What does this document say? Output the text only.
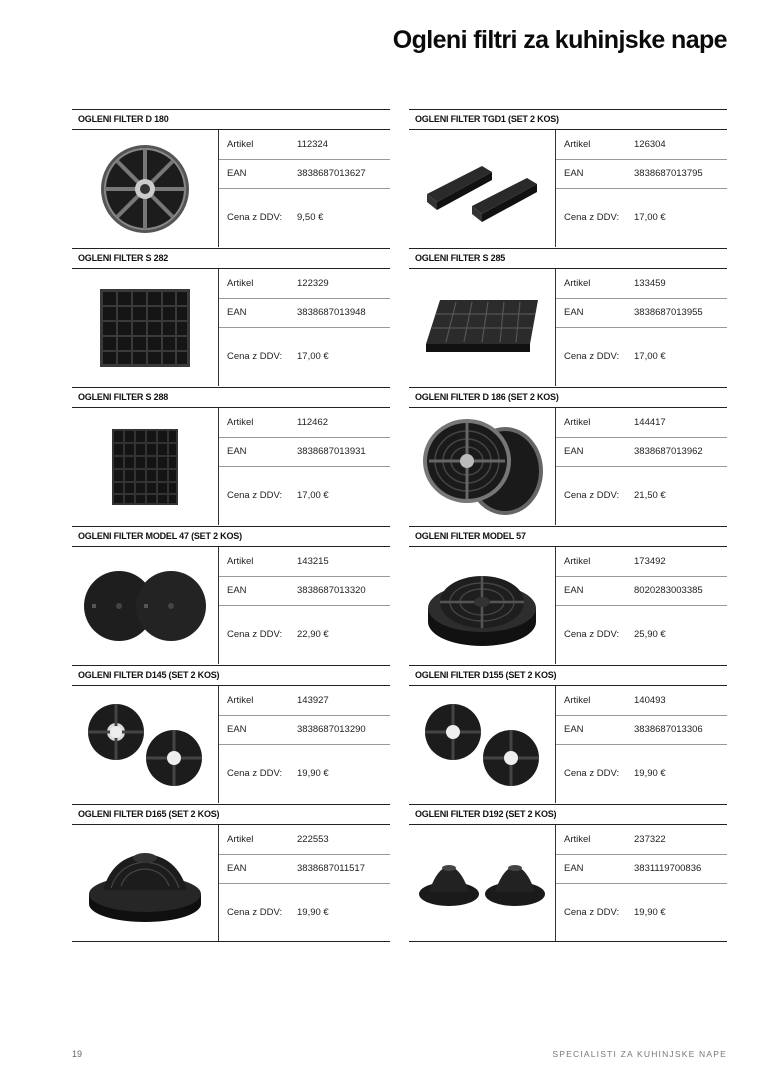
Ogleni filtri za kuhinjske nape
OGLENI FILTER D 180
Artikel	112324
EAN	3838687013627
Cena z DDV: 9,50 €
OGLENI FILTER TGD1 (SET 2 KOS)
Artikel	126304
EAN	3838687013795
Cena z DDV: 17,00 €
OGLENI FILTER S 282
Artikel	122329
EAN	3838687013948
Cena z DDV: 17,00 €
OGLENI FILTER S 285
Artikel	133459
EAN	3838687013955
Cena z DDV: 17,00 €
OGLENI FILTER S 288
Artikel	112462
EAN	3838687013931
Cena z DDV: 17,00 €
OGLENI FILTER D 186 (SET 2 KOS)
Artikel	144417
EAN	3838687013962
Cena z DDV: 21,50 €
OGLENI FILTER MODEL 47 (SET 2 KOS)
Artikel	143215
EAN	3838687013320
Cena z DDV: 22,90 €
OGLENI FILTER MODEL 57
Artikel	173492
EAN	8020283003385
Cena z DDV: 25,90 €
OGLENI FILTER D145 (SET 2 KOS)
Artikel	143927
EAN	3838687013290
Cena z DDV: 19,90 €
OGLENI FILTER D155 (SET 2 KOS)
Artikel	140493
EAN	3838687013306
Cena z DDV: 19,90 €
OGLENI FILTER D165 (SET 2 KOS)
Artikel	222553
EAN	3838687011517
Cena z DDV: 19,90 €
OGLENI FILTER D192 (SET 2 KOS)
Artikel	237322
EAN	3831119700836
Cena z DDV: 19,90 €
19	SPECIALISTI ZA KUHINJSKE NAPE
